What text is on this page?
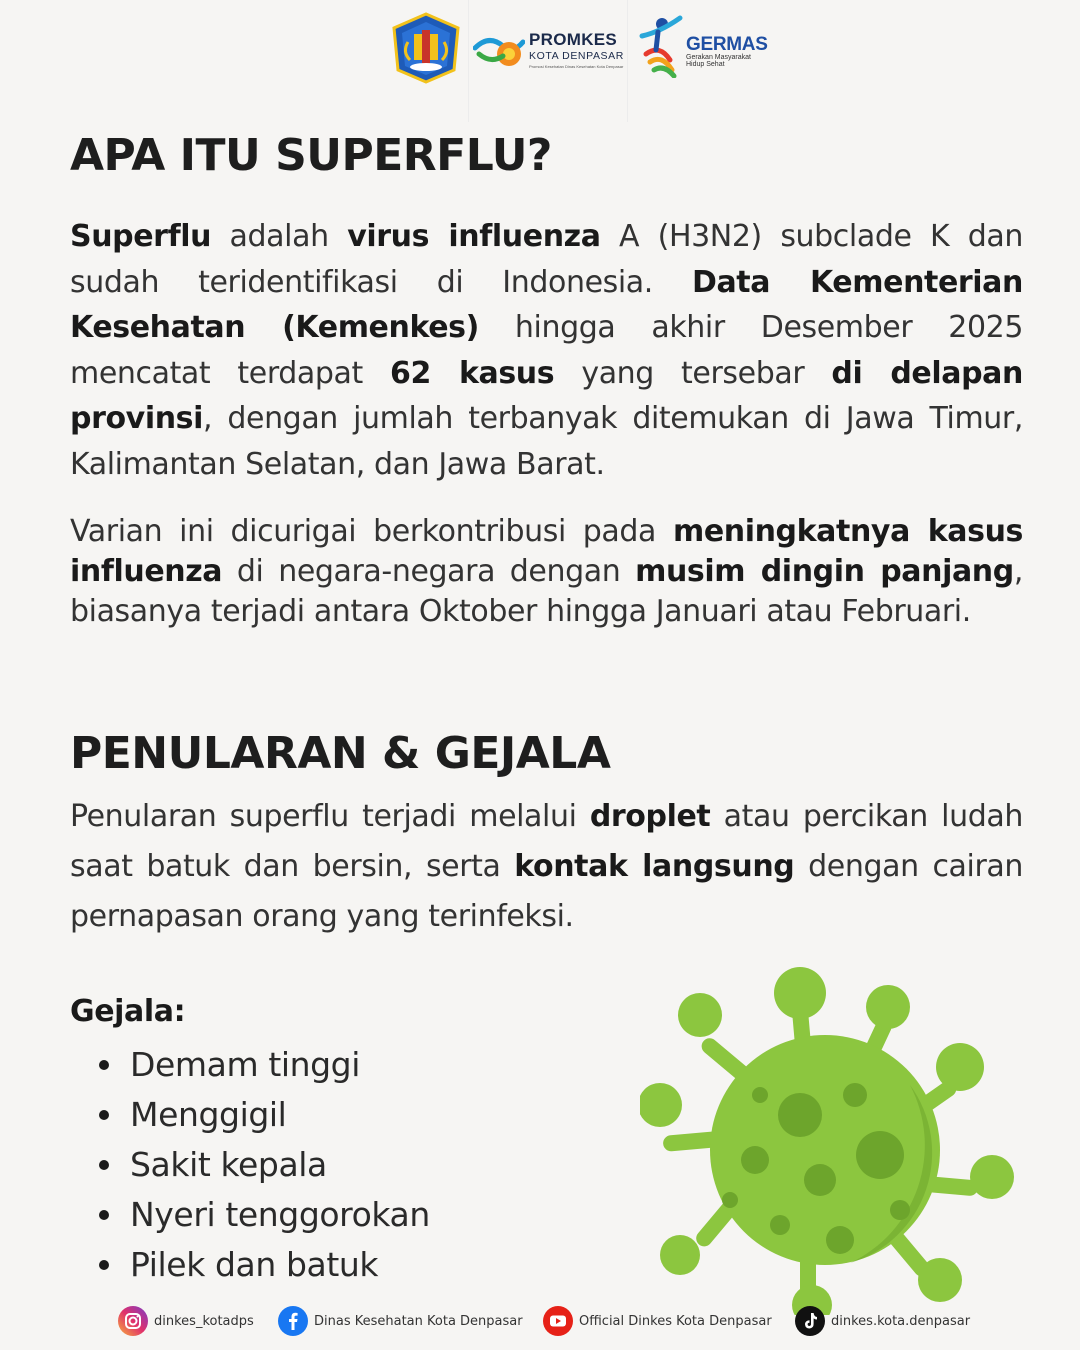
PROMKES
KOTA DENPASAR
Promosi Kesehatan Dinas Kesehatan Kota Denpasar
GERMAS
Gerakan Masyarakat
Hidup Sehat
APA ITU SUPERFLU?

Superflu adalah virus influenza A (H3N2) subclade K dan sudah teridentifikasi di Indonesia. Data Kementerian Kesehatan (Kemenkes) hingga akhir Desember 2025 mencatat terdapat 62 kasus yang tersebar di delapan provinsi, dengan jumlah terbanyak ditemukan di Jawa Timur, Kalimantan Selatan, dan Jawa Barat.

Varian ini dicurigai berkontribusi pada meningkatnya kasus influenza di negara-negara dengan musim dingin panjang, biasanya terjadi antara Oktober hingga Januari atau Februari.

PENULARAN & GEJALA

Penularan superflu terjadi melalui droplet atau percikan ludah saat batuk dan bersin, serta kontak langsung dengan cairan pernapasan orang yang terinfeksi.

Gejala:
Demam tinggi
Menggigil
Sakit kepala
Nyeri tenggorokan
Pilek dan batuk
dinkes_kotadps	Dinas Kesehatan Kota Denpasar	Official Dinkes Kota Denpasar	dinkes.kota.denpasar
